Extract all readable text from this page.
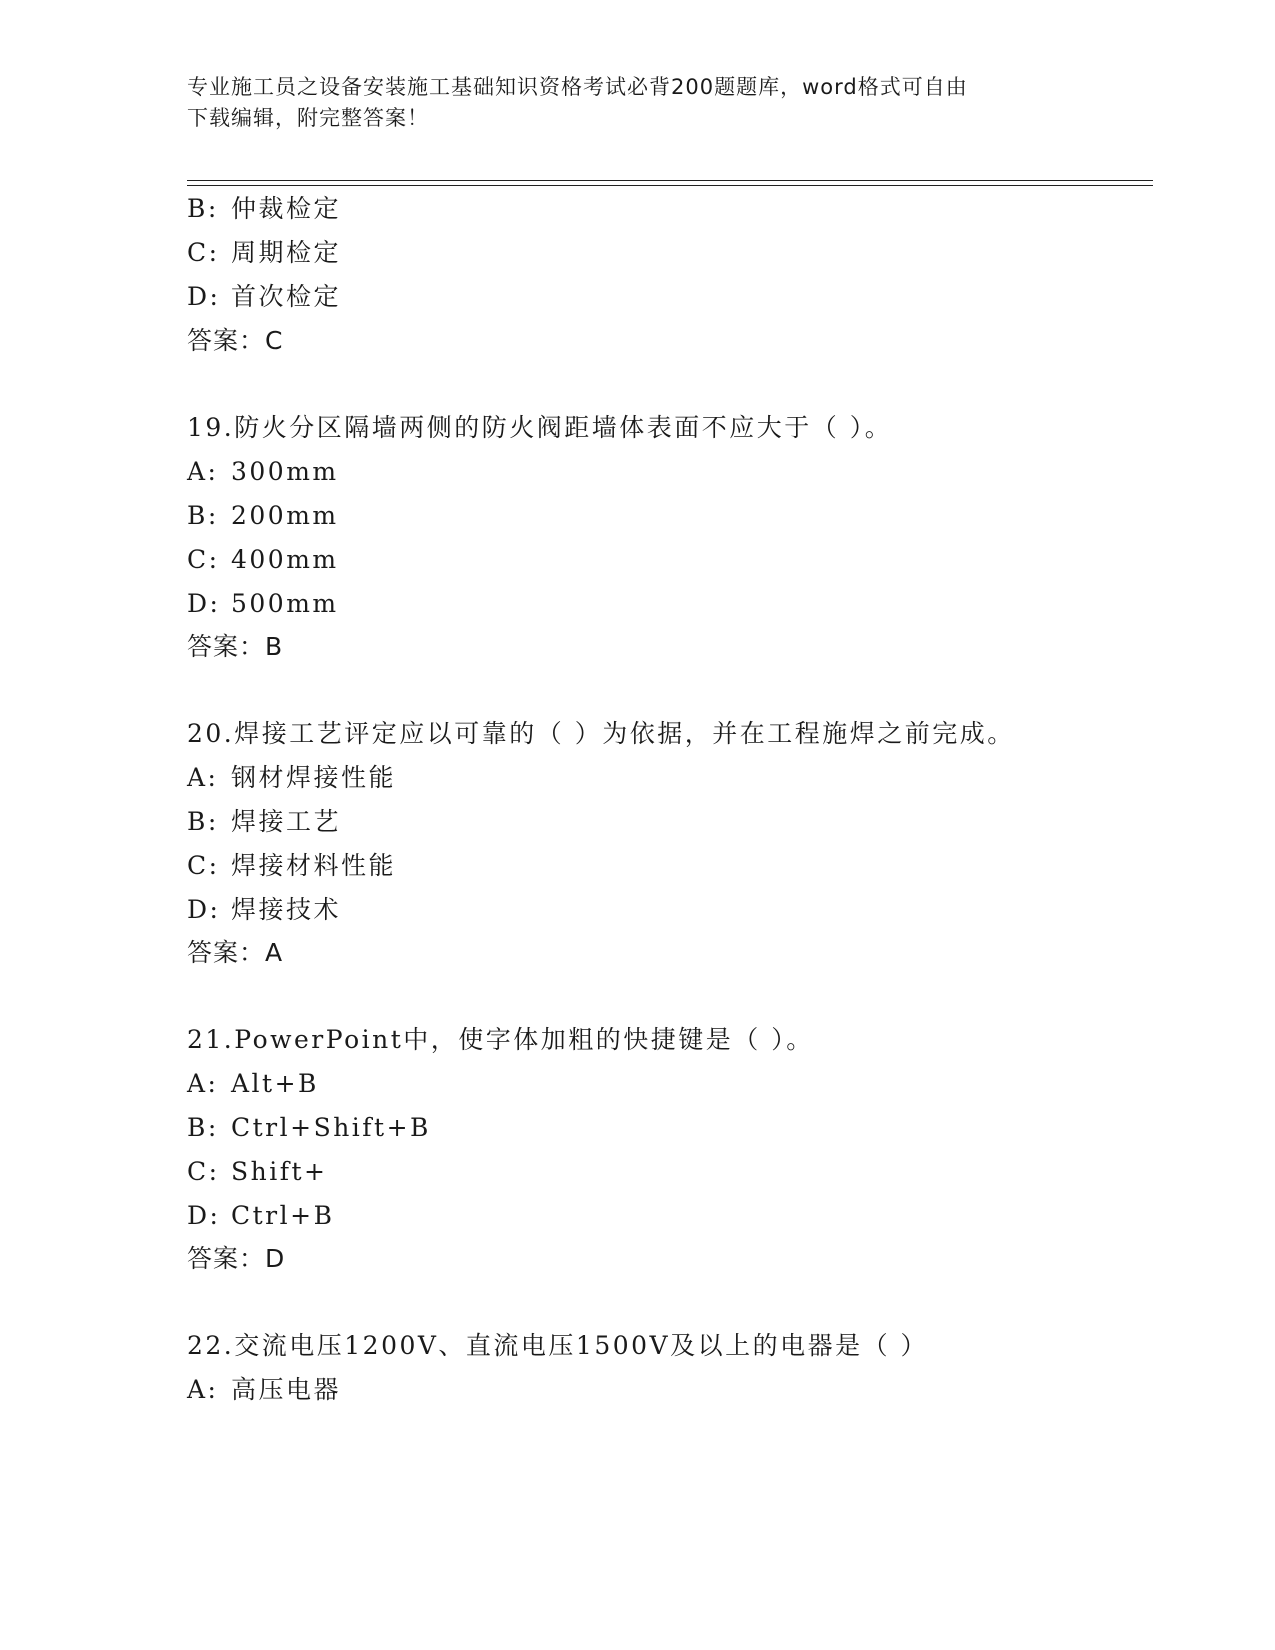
专业施工员之设备安装施工基础知识资格考试必背200题题库，word格式可自由
下载编辑，附完整答案！
B: 仲裁检定
C: 周期检定
D: 首次检定
答案：C
19.防火分区隔墙两侧的防火阀距墙体表面不应大于（ ）。
A: 300mm
B: 200mm
C: 400mm
D: 500mm
答案：B
20.焊接工艺评定应以可靠的（ ）为依据，并在工程施焊之前完成。
A: 钢材焊接性能
B: 焊接工艺
C: 焊接材料性能
D: 焊接技术
答案：A
21.PowerPoint中，使字体加粗的快捷键是（ ）。
A: Alt+B
B: Ctrl+Shift+B
C: Shift+
D: Ctrl+B
答案：D
22.交流电压1200V、直流电压1500V及以上的电器是（ ）
A: 高压电器
